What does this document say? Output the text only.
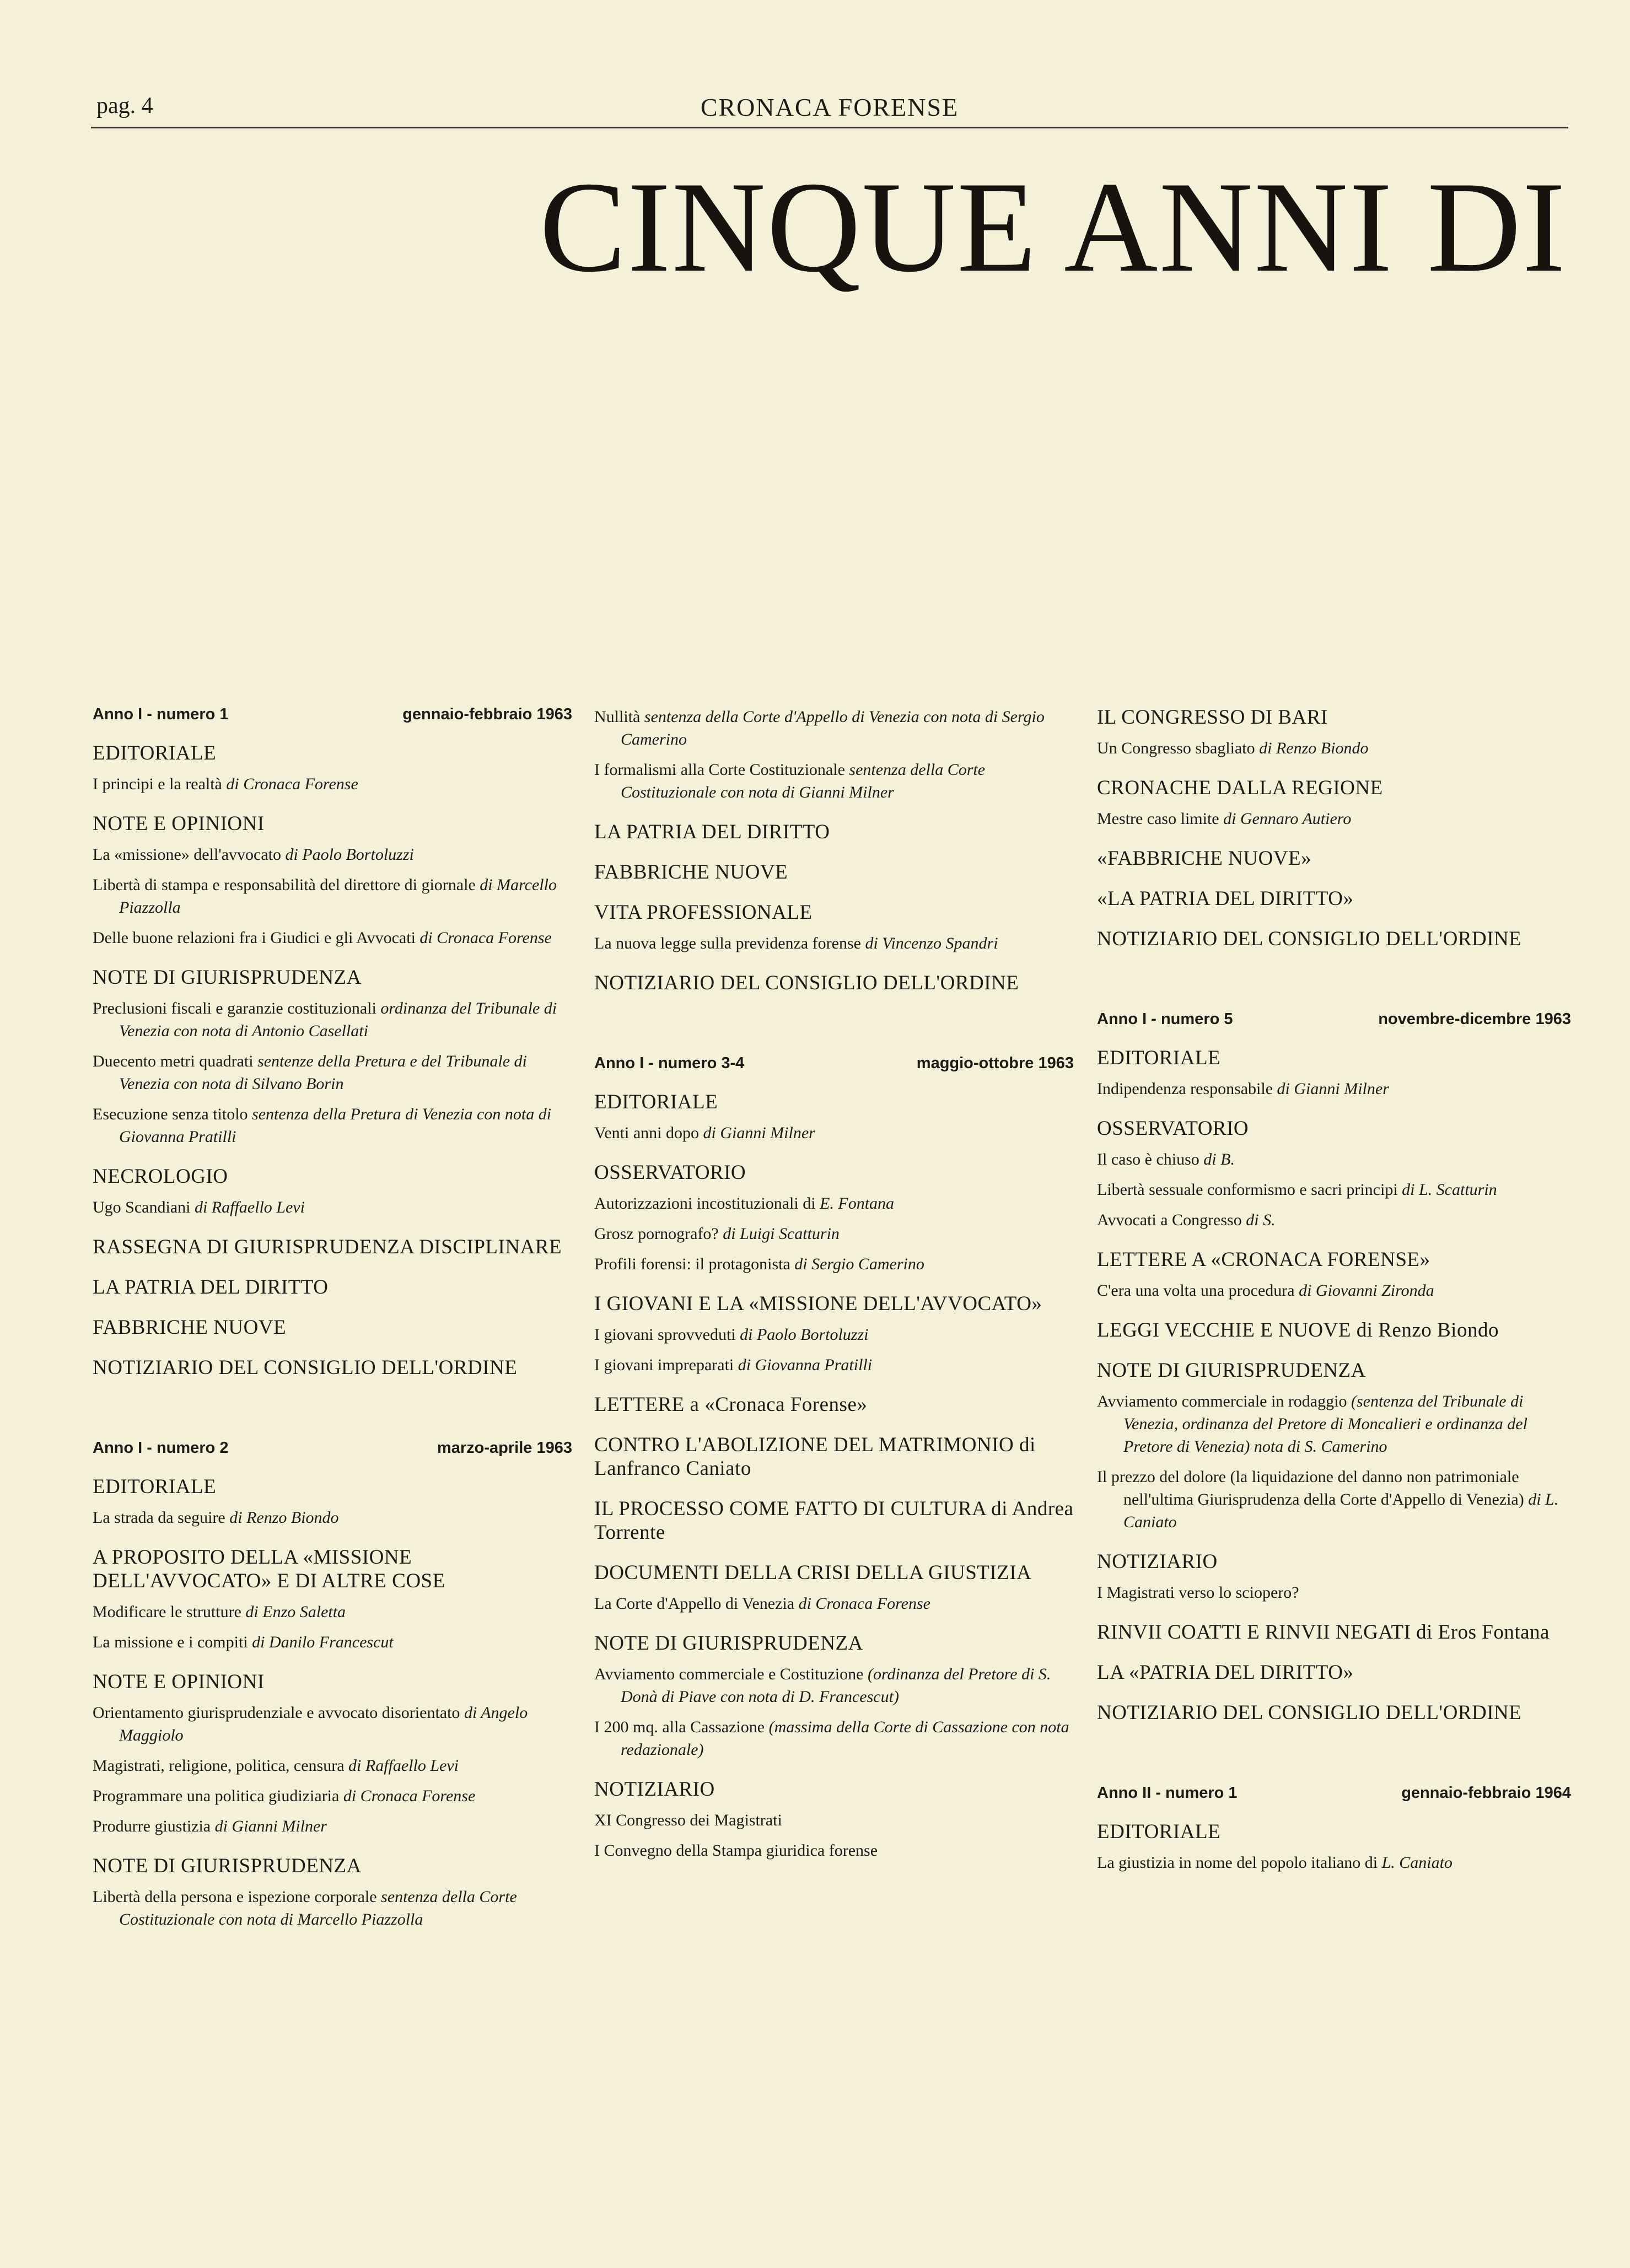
pag. 4	CRONACA FORENSE
CINQUE ANNI DI
Anno I - numero 1	gennaio-febbraio 1963
EDITORIALE
I principi e la realtà di Cronaca Forense
NOTE E OPINIONI
La «missione» dell'avvocato di Paolo Bortoluzzi
Libertà di stampa e responsabilità del direttore di giornale di Marcello Piazzolla
Delle buone relazioni fra i Giudici e gli Avvocati di Cronaca Forense
NOTE DI GIURISPRUDENZA
Preclusioni fiscali e garanzie costituzionali ordinanza del Tribunale di Venezia con nota di Antonio Casellati
Duecento metri quadrati sentenze della Pretura e del Tribunale di Venezia con nota di Silvano Borin
Esecuzione senza titolo sentenza della Pretura di Venezia con nota di Giovanna Pratilli
NECROLOGIO
Ugo Scandiani di Raffaello Levi
RASSEGNA DI GIURISPRUDENZA DISCIPLINARE
LA PATRIA DEL DIRITTO
FABBRICHE NUOVE
NOTIZIARIO DEL CONSIGLIO DELL'ORDINE
Anno I - numero 2	marzo-aprile 1963
EDITORIALE
La strada da seguire di Renzo Biondo
A PROPOSITO DELLA «MISSIONE DELL'AVVOCATO» E DI ALTRE COSE
Modificare le strutture di Enzo Saletta
La missione e i compiti di Danilo Francescut
NOTE E OPINIONI
Orientamento giurisprudenziale e avvocato disorientato di Angelo Maggiolo
Magistrati, religione, politica, censura di Raffaello Levi
Programmare una politica giudiziaria di Cronaca Forense
Produrre giustizia di Gianni Milner
NOTE DI GIURISPRUDENZA
Libertà della persona e ispezione corporale sentenza della Corte Costituzionale con nota di Marcello Piazzolla
Nullità sentenza della Corte d'Appello di Venezia con nota di Sergio Camerino
I formalismi alla Corte Costituzionale sentenza della Corte Costituzionale con nota di Gianni Milner
LA PATRIA DEL DIRITTO
FABBRICHE NUOVE
VITA PROFESSIONALE
La nuova legge sulla previdenza forense di Vincenzo Spandri
NOTIZIARIO DEL CONSIGLIO DELL'ORDINE
Anno I - numero 3-4	maggio-ottobre 1963
EDITORIALE
Venti anni dopo di Gianni Milner
OSSERVATORIO
Autorizzazioni incostituzionali di E. Fontana
Grosz pornografo? di Luigi Scatturin
Profili forensi: il protagonista di Sergio Camerino
I GIOVANI E LA «MISSIONE DELL'AVVOCATO»
I giovani sprovveduti di Paolo Bortoluzzi
I giovani impreparati di Giovanna Pratilli
LETTERE a «Cronaca Forense»
CONTRO L'ABOLIZIONE DEL MATRIMONIO di Lanfranco Caniato
IL PROCESSO COME FATTO DI CULTURA di Andrea Torrente
DOCUMENTI DELLA CRISI DELLA GIUSTIZIA
La Corte d'Appello di Venezia di Cronaca Forense
NOTE DI GIURISPRUDENZA
Avviamento commerciale e Costituzione (ordinanza del Pretore di S. Donà di Piave con nota di D. Francescut)
I 200 mq. alla Cassazione (massima della Corte di Cassazione con nota redazionale)
NOTIZIARIO
XI Congresso dei Magistrati
I Convegno della Stampa giuridica forense
IL CONGRESSO DI BARI
Un Congresso sbagliato di Renzo Biondo
CRONACHE DALLA REGIONE
Mestre caso limite di Gennaro Autiero
«FABBRICHE NUOVE»
«LA PATRIA DEL DIRITTO»
NOTIZIARIO DEL CONSIGLIO DELL'ORDINE
Anno I - numero 5	novembre-dicembre 1963
EDITORIALE
Indipendenza responsabile di Gianni Milner
OSSERVATORIO
Il caso è chiuso di B.
Libertà sessuale conformismo e sacri principi di L. Scatturin
Avvocati a Congresso di S.
LETTERE A «CRONACA FORENSE»
C'era una volta una procedura di Giovanni Zironda
LEGGI VECCHIE E NUOVE di Renzo Biondo
NOTE DI GIURISPRUDENZA
Avviamento commerciale in rodaggio (sentenza del Tribunale di Venezia, ordinanza del Pretore di Moncalieri e ordinanza del Pretore di Venezia) nota di S. Camerino
Il prezzo del dolore (la liquidazione del danno non patrimoniale nell'ultima Giurisprudenza della Corte d'Appello di Venezia) di L. Caniato
NOTIZIARIO
I Magistrati verso lo sciopero?
RINVII COATTI E RINVII NEGATI di Eros Fontana
LA «PATRIA DEL DIRITTO»
NOTIZIARIO DEL CONSIGLIO DELL'ORDINE
Anno II - numero 1	gennaio-febbraio 1964
EDITORIALE
La giustizia in nome del popolo italiano di L. Caniato
